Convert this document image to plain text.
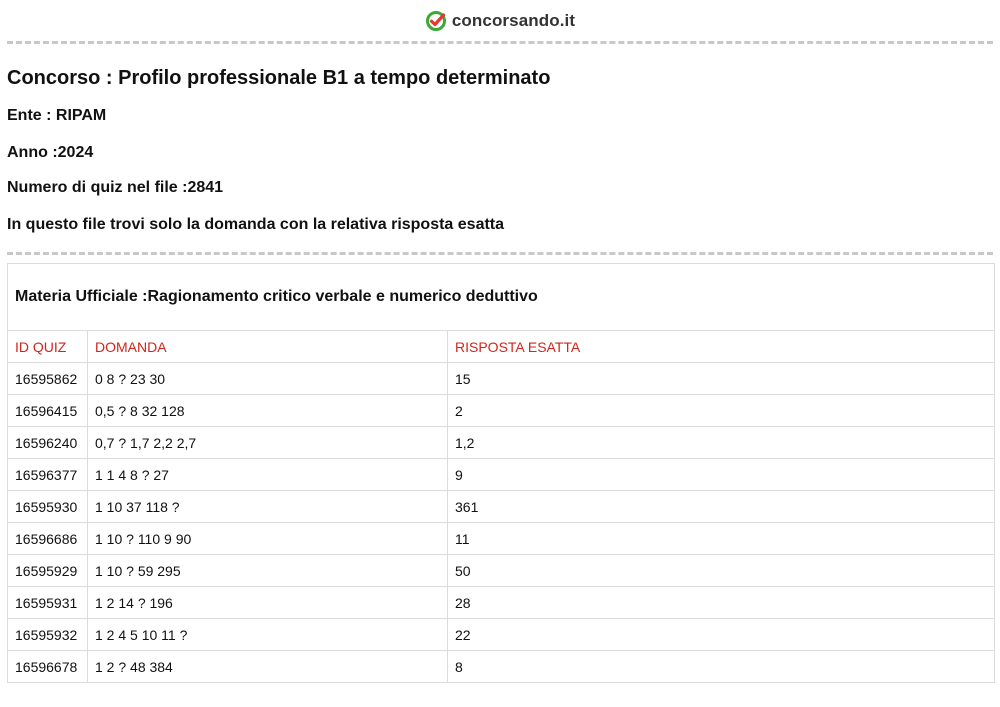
concorsando.it

Concorso : Profilo professionale B1 a tempo determinato

Ente : RIPAM

Anno :2024

Numero di quiz nel file :2841

In questo file trovi solo la domanda con la relativa risposta esatta

Materia Ufficiale :Ragionamento critico verbale e numerico deduttivo		
ID QUIZ	DOMANDA	RISPOSTA ESATTA
16595862	0 8 ? 23 30	15
16596415	0,5 ? 8 32 128	2
16596240	0,7 ? 1,7 2,2 2,7	1,2
16596377	1 1 4 8 ? 27	9
16595930	1 10 37 118 ?	361
16596686	1 10 ? 110 9 90	11
16595929	1 10 ? 59 295	50
16595931	1 2 14 ? 196	28
16595932	1 2 4 5 10 11 ?	22
16596678	1 2 ? 48 384	8
